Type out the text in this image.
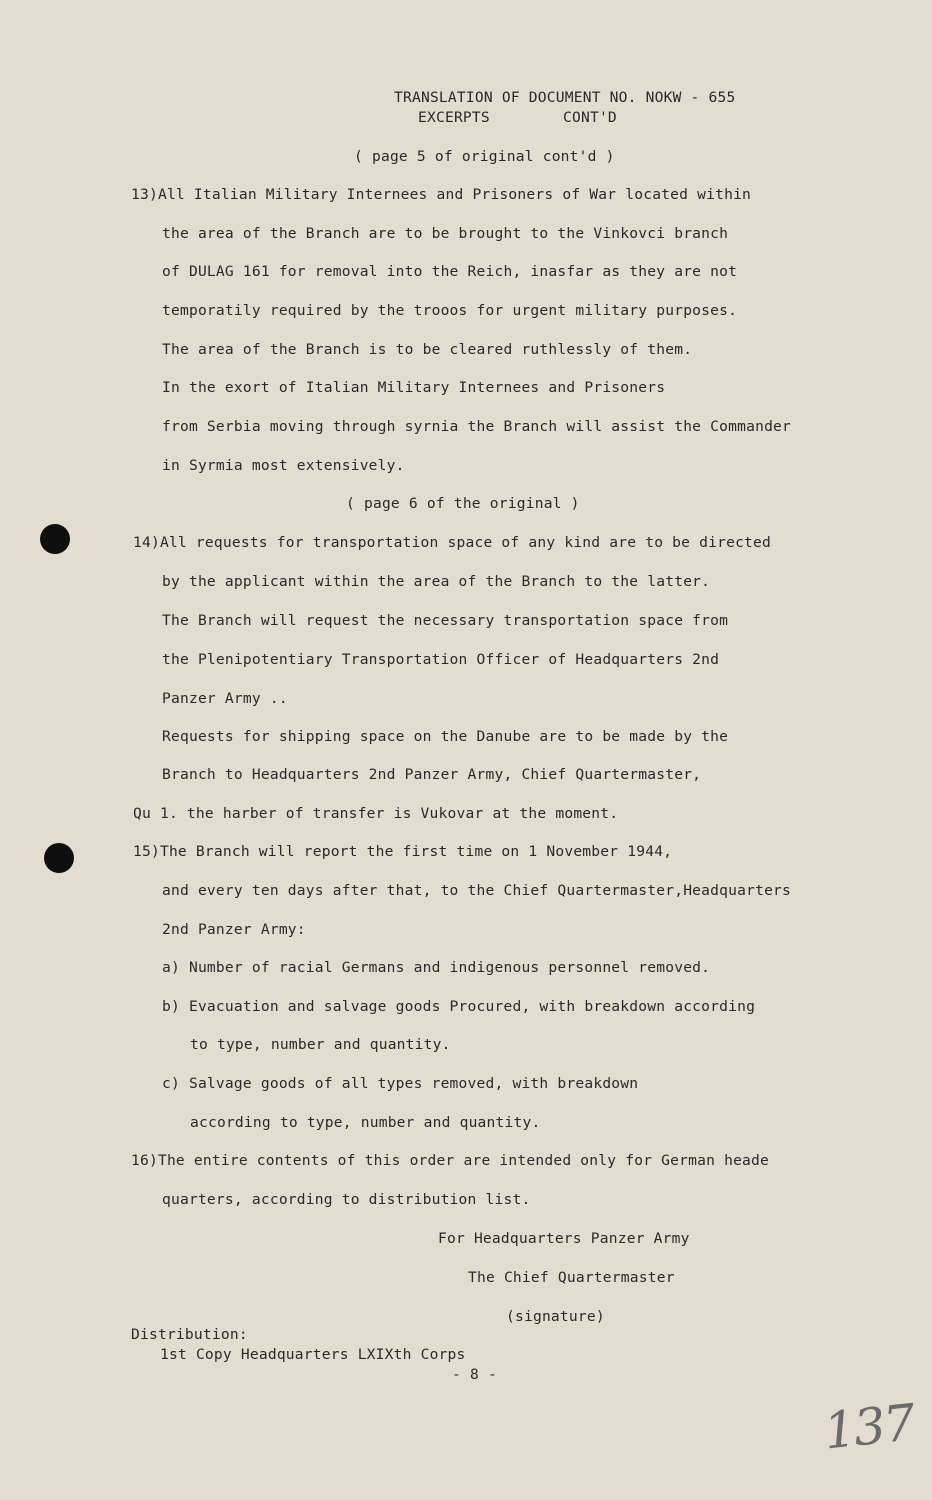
TRANSLATION OF DOCUMENT NO. NOKW - 655
EXCERPTS	CONT'D
( page 5 of original cont'd )
13)All Italian Military Internees and Prisoners of War located within
the area of the Branch are to be brought to the Vinkovci branch
of DULAG 161 for removal into the Reich, inasfar as they are not
temporatily required by the trooos for urgent military purposes.
The area of the Branch is to be cleared ruthlessly of them.
In the exort of Italian Military Internees and Prisoners
from Serbia moving through syrnia the Branch will assist the Commander
in Syrmia most extensively.
( page 6 of the original )
14)All requests for transportation space of any kind are to be directed
by the applicant within the area of the Branch to the latter.
The Branch will request the necessary transportation space from
the Plenipotentiary Transportation Officer of Headquarters 2nd
Panzer Army ..
Requests for shipping space on the Danube are to be made by the
Branch to Headquarters 2nd Panzer Army, Chief Quartermaster,
Qu 1. the harber of transfer is Vukovar at the moment.
15)The Branch will report the first time on 1 November 1944,
and every ten days after that, to the Chief Quartermaster,Headquarters
2nd Panzer Army:
a) Number of racial Germans and indigenous personnel removed.
b) Evacuation and salvage goods Procured, with breakdown according
to type, number and quantity.
c) Salvage goods of all types removed, with breakdown
according to type, number and quantity.
16)The entire contents of this order are intended only for German heade
quarters, according to distribution list.
For Headquarters Panzer Army
The Chief Quartermaster
(signature)
Distribution:
1st Copy Headquarters LXIXth Corps
- 8 -
137
